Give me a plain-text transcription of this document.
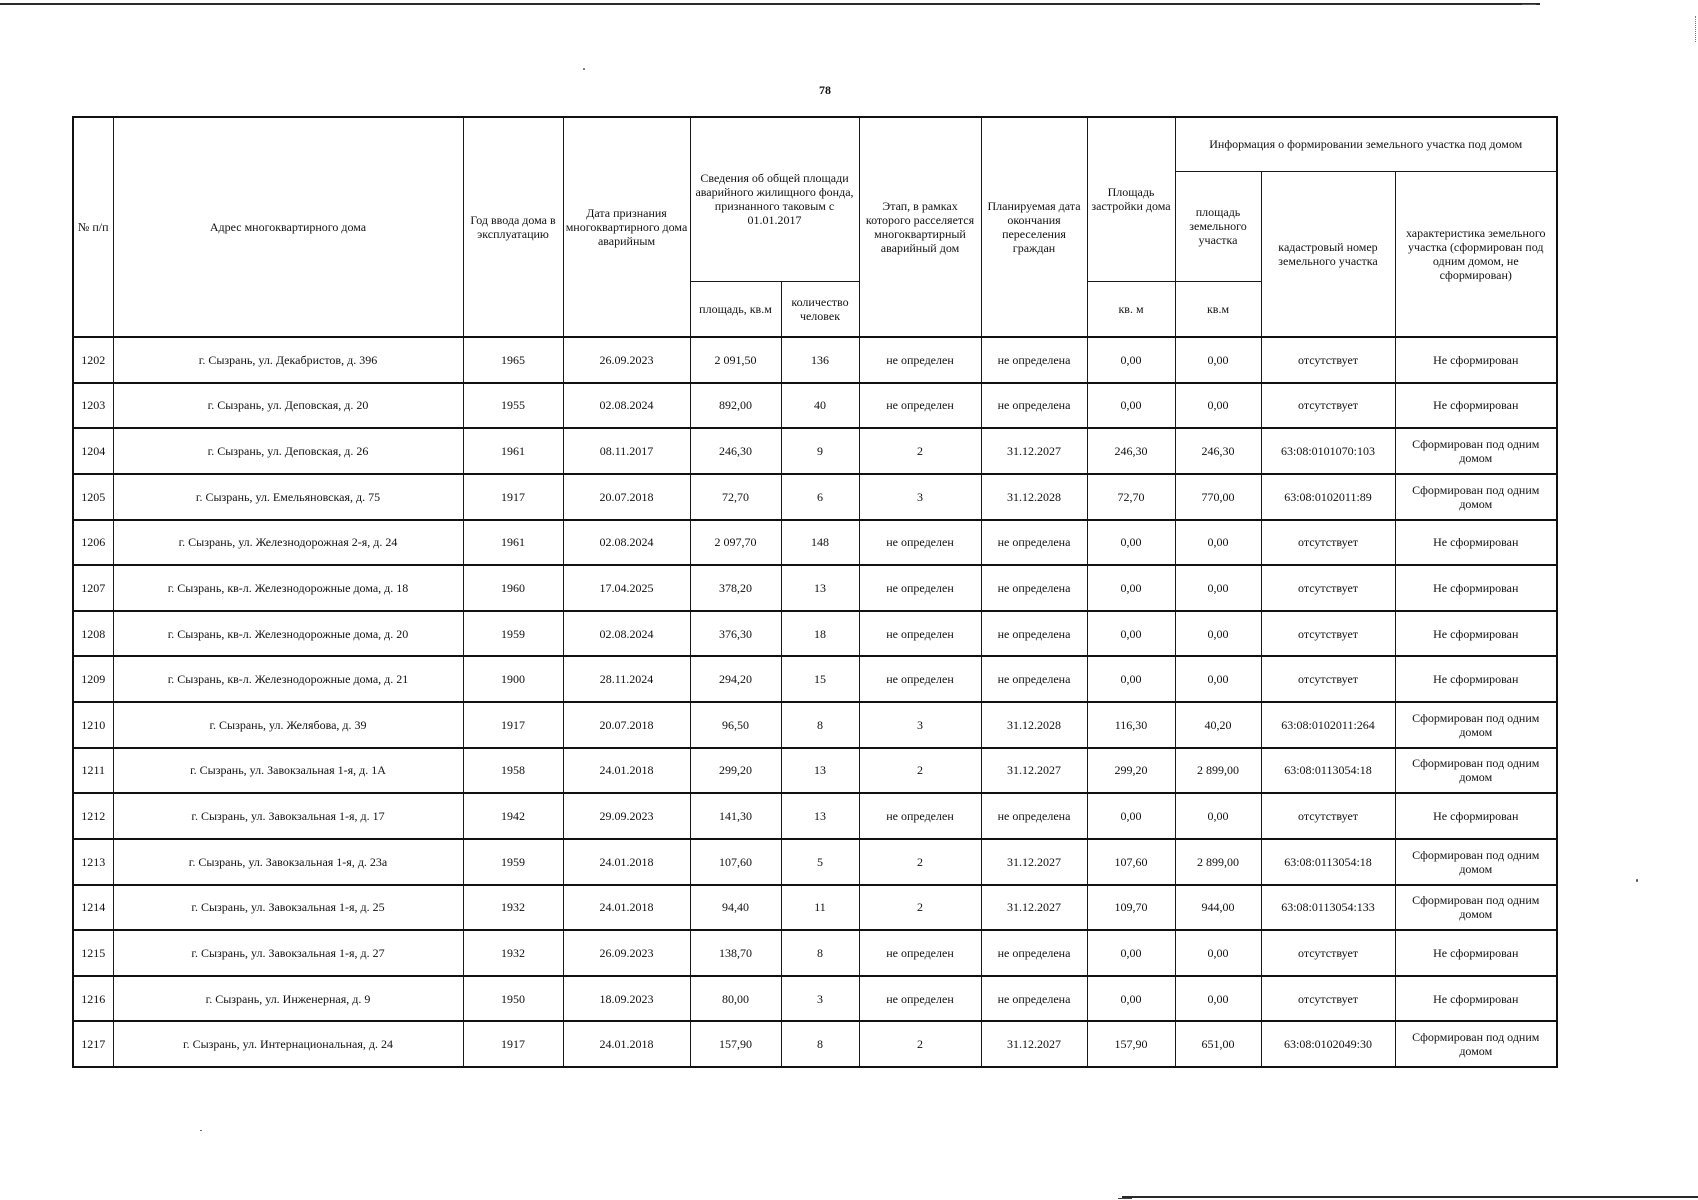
78
№ п/п	Адрес многоквартирного дома	Год ввода дома в эксплуатацию	Дата признания многоквартирного дома аварийным	Сведения об общей площади аварийного жилищного фонда, признанного таковым с 01.01.2017		Этап, в рамках которого расселяется многоквартирный аварийный дом	Планируемая дата окончания переселения граждан	Площадь застройки дома	Информация о формировании земельного участка под домом		
									площадь земельного участка	кадастровый номер земельного участка	характеристика земельного участка (сформирован под одним домом, не сформирован)
				площадь, кв.м	количество человек			кв. м	кв.м		
1202	г. Сызрань, ул. Декабристов, д. 396	1965	26.09.2023	2 091,50	136	не определен	не определена	0,00	0,00	отсутствует	Не сформирован
1203	г. Сызрань, ул. Деповская, д. 20	1955	02.08.2024	892,00	40	не определен	не определена	0,00	0,00	отсутствует	Не сформирован
1204	г. Сызрань, ул. Деповская, д. 26	1961	08.11.2017	246,30	9	2	31.12.2027	246,30	246,30	63:08:0101070:103	Сформирован под одним домом
1205	г. Сызрань, ул. Емельяновская, д. 75	1917	20.07.2018	72,70	6	3	31.12.2028	72,70	770,00	63:08:0102011:89	Сформирован под одним домом
1206	г. Сызрань, ул. Железнодорожная 2-я, д. 24	1961	02.08.2024	2 097,70	148	не определен	не определена	0,00	0,00	отсутствует	Не сформирован
1207	г. Сызрань, кв-л. Железнодорожные дома, д. 18	1960	17.04.2025	378,20	13	не определен	не определена	0,00	0,00	отсутствует	Не сформирован
1208	г. Сызрань, кв-л. Железнодорожные дома, д. 20	1959	02.08.2024	376,30	18	не определен	не определена	0,00	0,00	отсутствует	Не сформирован
1209	г. Сызрань, кв-л. Железнодорожные дома, д. 21	1900	28.11.2024	294,20	15	не определен	не определена	0,00	0,00	отсутствует	Не сформирован
1210	г. Сызрань, ул. Желябова, д. 39	1917	20.07.2018	96,50	8	3	31.12.2028	116,30	40,20	63:08:0102011:264	Сформирован под одним домом
1211	г. Сызрань, ул. Завокзальная 1-я, д. 1А	1958	24.01.2018	299,20	13	2	31.12.2027	299,20	2 899,00	63:08:0113054:18	Сформирован под одним домом
1212	г. Сызрань, ул. Завокзальная 1-я, д. 17	1942	29.09.2023	141,30	13	не определен	не определена	0,00	0,00	отсутствует	Не сформирован
1213	г. Сызрань, ул. Завокзальная 1-я, д. 23а	1959	24.01.2018	107,60	5	2	31.12.2027	107,60	2 899,00	63:08:0113054:18	Сформирован под одним домом
1214	г. Сызрань, ул. Завокзальная 1-я, д. 25	1932	24.01.2018	94,40	11	2	31.12.2027	109,70	944,00	63:08:0113054:133	Сформирован под одним домом
1215	г. Сызрань, ул. Завокзальная 1-я, д. 27	1932	26.09.2023	138,70	8	не определен	не определена	0,00	0,00	отсутствует	Не сформирован
1216	г. Сызрань, ул. Инженерная, д. 9	1950	18.09.2023	80,00	3	не определен	не определена	0,00	0,00	отсутствует	Не сформирован
1217	г. Сызрань, ул. Интернациональная, д. 24	1917	24.01.2018	157,90	8	2	31.12.2027	157,90	651,00	63:08:0102049:30	Сформирован под одним домом
